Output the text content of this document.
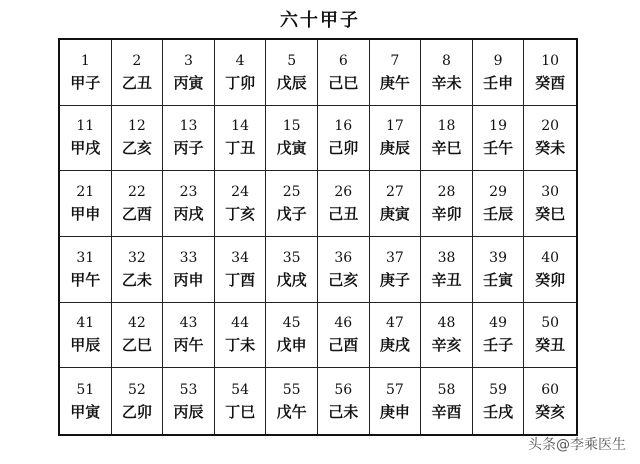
六十甲子
1
甲子
2
乙丑
3
丙寅
4
丁卯
5
戊辰
6
己巳
7
庚午
8
辛未
9
壬申
10
癸酉
11
甲戌
12
乙亥
13
丙子
14
丁丑
15
戊寅
16
己卯
17
庚辰
18
辛巳
19
壬午
20
癸未
21
甲申
22
乙酉
23
丙戌
24
丁亥
25
戊子
26
己丑
27
庚寅
28
辛卯
29
壬辰
30
癸巳
31
甲午
32
乙未
33
丙申
34
丁酉
35
戊戌
36
己亥
37
庚子
38
辛丑
39
壬寅
40
癸卯
41
甲辰
42
乙巳
43
丙午
44
丁未
45
戊申
46
己酉
47
庚戌
48
辛亥
49
壬子
50
癸丑
51
甲寅
52
乙卯
53
丙辰
54
丁巳
55
戊午
56
己未
57
庚申
58
辛酉
59
壬戌
60
癸亥
头条@李乘医生
